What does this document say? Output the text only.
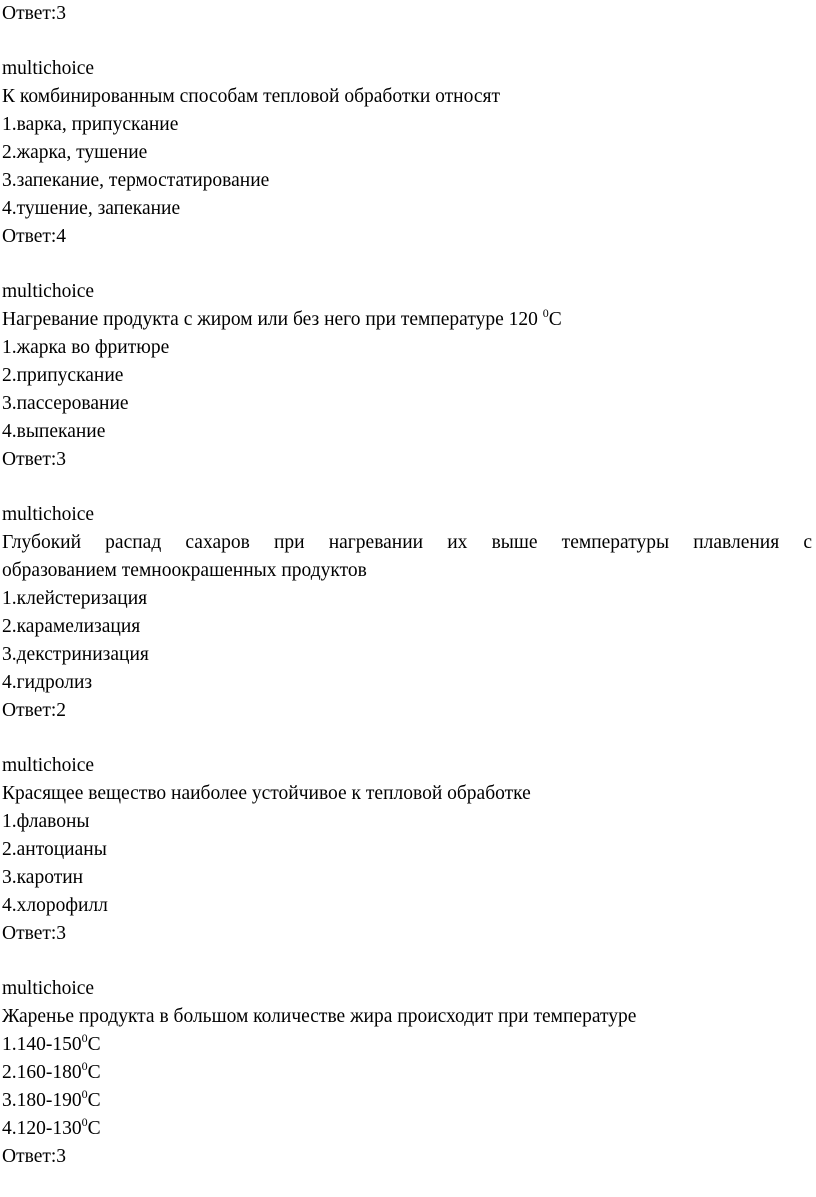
Ответ:3
multichoice
К комбинированным способам тепловой обработки относят
1.варка, припускание
2.жарка, тушение
3.запекание, термостатирование
4.тушение, запекание
Ответ:4
multichoice
Нагревание продукта с жиром или без него при температуре 120 $^0$С
1.жарка во фритюре
2.припускание
3.пассерование
4.выпекание
Ответ:3
multichoice
Глубокий распад сахаров при нагревании их выше температуры плавления с
образованием темноокрашенных продуктов
1.клейстеризация
2.карамелизация
3.декстринизация
4.гидролиз
Ответ:2
multichoice
Красящее вещество наиболее устойчивое к тепловой обработке
1.флавоны
2.антоцианы
3.каротин
4.хлорофилл
Ответ:3
multichoice
Жаренье продукта в большом количестве жира происходит при температуре
$1.140-150^0С$
$2.160-180^0С$
$3.180-190^0С$
$4.120-130^0С$
Ответ:3
